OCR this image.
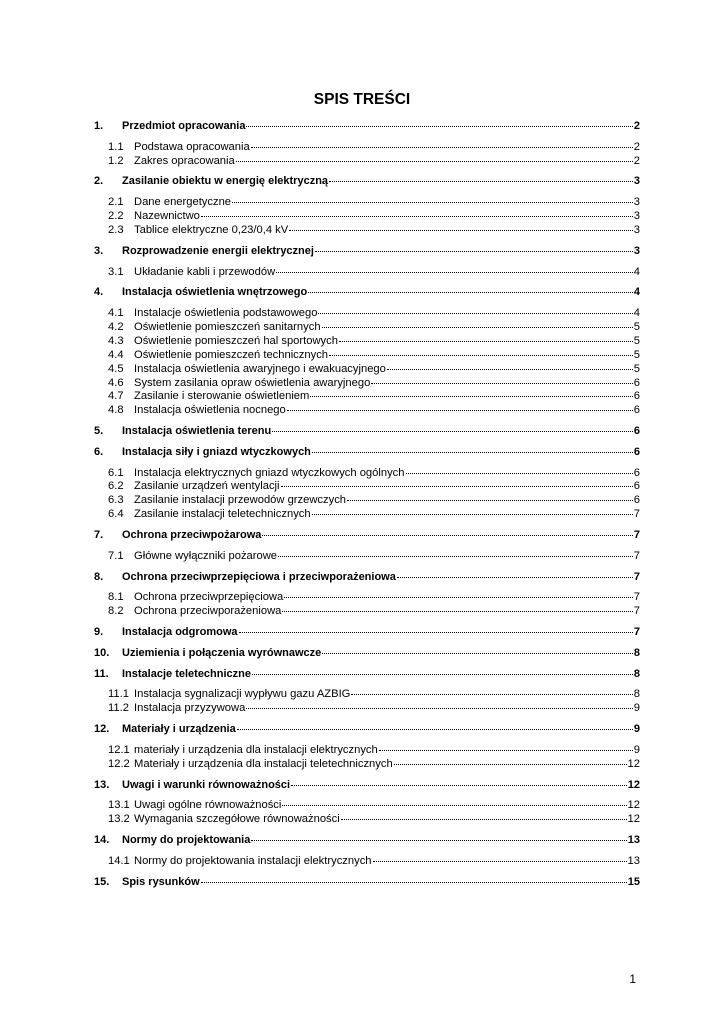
SPIS TREŚCI
1.	Przedmiot opracowania	2
1.1 Podstawa opracowania	2
1.2 Zakres opracowania	2
2.	Zasilanie obiektu w energię elektryczną	3
2.1 Dane energetyczne	3
2.2 Nazewnictwo	3
2.3 Tablice elektryczne 0,23/0,4 kV	3
3.	Rozprowadzenie energii elektrycznej	3
3.1 Układanie kabli i przewodów	4
4.	Instalacja oświetlenia wnętrzowego	4
4.1 Instalacje oświetlenia podstawowego	4
4.2 Oświetlenie pomieszczeń sanitarnych	5
4.3 Oświetlenie pomieszczeń hal sportowych	5
4.4 Oświetlenie pomieszczeń technicznych	5
4.5 Instalacja oświetlenia awaryjnego i ewakuacyjnego	5
4.6 System zasilania opraw oświetlenia awaryjnego	6
4.7 Zasilanie i sterowanie oświetleniem	6
4.8 Instalacja oświetlenia nocnego	6
5.	Instalacja oświetlenia terenu	6
6.	Instalacja siły i gniazd wtyczkowych	6
6.1 Instalacja elektrycznych gniazd wtyczkowych ogólnych	6
6.2 Zasilanie urządzeń wentylacji	6
6.3 Zasilanie instalacji przewodów grzewczych	6
6.4 Zasilanie instalacji teletechnicznych	7
7.	Ochrona przeciwpożarowa	7
7.1 Główne wyłączniki pożarowe	7
8.	Ochrona przeciwprzepięciowa i przeciwporażeniowa	7
8.1 Ochrona przeciwprzepięciowa	7
8.2 Ochrona przeciwporażeniowa	7
9.	Instalacja odgromowa	7
10.	Uziemienia i połączenia wyrównawcze	8
11.	Instalacje teletechniczne	8
11.1 Instalacja sygnalizacji wypływu gazu AZBIG	8
11.2 Instalacja przyzywowa	9
12.	Materiały i urządzenia	9
12.1 materiały i urządzenia dla instalacji elektrycznych	9
12.2 Materiały i urządzenia dla instalacji teletechnicznych	12
13.	Uwagi i warunki równoważności	12
13.1 Uwagi ogólne równoważności	12
13.2 Wymagania szczegółowe równoważności	12
14.	Normy do projektowania	13
14.1 Normy do projektowania instalacji elektrycznych	13
15.	Spis rysunków	15
1
